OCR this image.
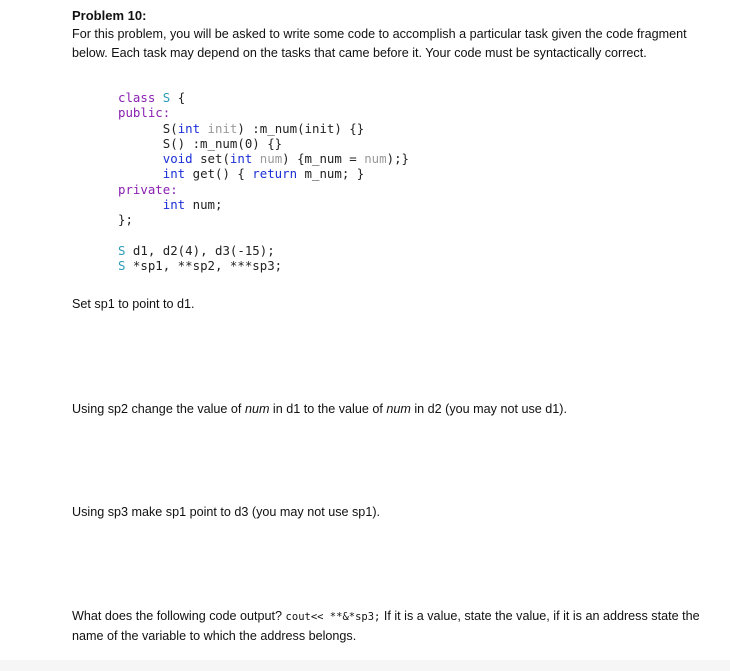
Problem 10:
For this problem, you will be asked to write some code to accomplish a particular task given the code fragment below. Each task may depend on the tasks that came before it. Your code must be syntactically correct.
class S {
public:
S(int init) :m_num(init) {}
S() :m_num(0) {}
void set(int num) {m_num = num);}
int get() { return m_num; }
private:
int num;
};

S d1, d2(4), d3(-15);
S *sp1, **sp2, ***sp3;
Set sp1 to point to d1.
Using sp2 change the value of num in d1 to the value of num in d2 (you may not use d1).
Using sp3 make sp1 point to d3 (you may not use sp1).
What does the following code output? cout<< **&*sp3; If it is a value, state the value, if it is an address state the name of the variable to which the address belongs.
